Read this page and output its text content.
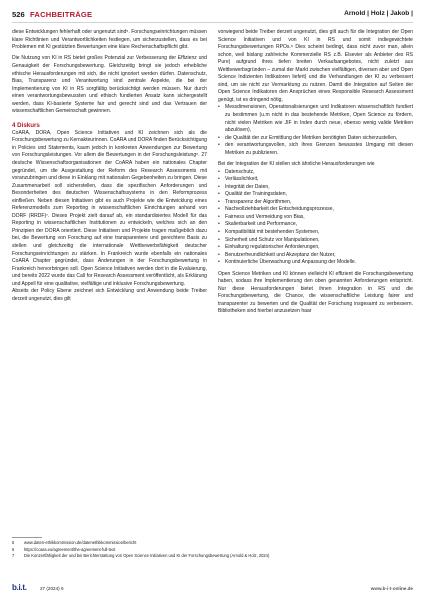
526 FACHBEITRÄGE	Arnold | Holz | Jakob |

diese Entwicklungen fehlerhaft oder ungenutzt sind⁵. Forschungseinrichtungen müssen klare Richtlinien und Verantwortlichkeiten festlegen, um sicherzustellen, dass es bei Problemen mit KI gestützten Bewertungen eine klare Rechenschaftspflicht gibt.

Die Nutzung von KI in RS bietet großes Potenzial zur Verbesserung der Effizienz und Genauigkeit der Forschungsbewertung. Gleichzeitig bringt sie jedoch erhebliche ethische Herausforderungen mit sich, die nicht ignoriert werden dürfen. Datenschutz, Bias, Transparenz und Verantwortung sind zentrale Aspekte, die bei der Implementierung von KI in RS sorgfältig berücksichtigt werden müssen. Nur durch einen verantwortungsbewussten und ethisch fundierten Ansatz kann sichergestellt werden, dass KI-basierte Systeme fair und gerecht sind und das Vertrauen der wissenschaftlichen Gemeinschaft gewinnen.

4 Diskurs

CoARA, DORA, Open Science Initiativen und KI zeichnen sich als die Forschungsbewertung zu Kernakteurinnen. CoARA und DORA finden Berücksichtigung in Policies und Statements, kaum jedoch in konkreten Anwendungen zur Bewertung von Forschungsleistungen. Vor allem die Bewertungen in der Forschungsleistung⁶. 27 deutsche Wissenschaftsorganisationen der CoARA haben ein nationales Chapter gegründet, um die Ausgestaltung der Reform des Research Assessments mit voranzubringen und diese in Einklang mit nationalen Gegebenheiten zu bringen. Diese Zusammenarbeit soll sicherstellen, dass die spezifischen Anforderungen und Besonderheiten des deutschen Wissenschaftssystems in den Reformprozess einfließen. Neben diesen Initiativen gibt es auch Projekte wie die Entwicklung eines Referenzmodells zum Reporting in wissenschaftlichen Einrichtungen anhand von DORF (RRDF)⁷. Dieses Projekt zielt darauf ab, ein standardisiertes Modell für das Reporting in wissenschaftlichen Institutionen zu entwickeln, welches sich an den Prinzipien der DORA orientiert. Diese Initiativen und Projekte tragen maßgeblich dazu bei, die Bewertung von Forschung auf eine transparentere und gerechtere Basis zu stellen und gleichzeitig die internationale Wettbewerbsfähigkeit deutscher Forschungseinrichtungen zu stärken. In Frankreich wurde ebenfalls ein nationales CoARA Chapter gegründet, dass Änderungen in der Forschungsbewertung in Frankreich hervorbringen soll. Open Science Initiativen werden dort in die Evaluierung, und bereits 2022 wurde das Call for Research Assessment veröffentlicht, als Erklärung und Appell für eine qualitative, vielfältige und inklusive Forschungsbewertung.

Abseits der Policy Ebene zeichnet sich Entwicklung und Anwendung beide Treiber derzeit ungenutzt, dies gilt

vorwiegend beide Treiber derzeit ungenutzt, dies gilt auch für die Integration der Open Science Initiativen und von KI in RS und somit indiegewichtete Forschungsbewertungen RPOs.⁸ Dies scheint bedingt, dass nicht zuvor man, allein schon, weil bislang zahlreiche Kommerzielle RS z.B. Elsevier als Anbieter des RS Pure) aufgrund ihres tiefen breiten Verkaufsangebotes, nicht zuletzt aus Wettbewerbsgründen – zumal der Markt zwischen vielfältigen, diversen aber und Open Science Indizienten Indikatoren liefert) und die Verhandlungen der KI zu verbessert sind, um sie nicht zur Vermarktung zu nutzen. Damit die Integration auf Seiten der Open Science Indikatoren den Ansprüchen eines Responsible Research Assessment genügt, ist es dringend nötig,

• Messdimensionen, Operationalisierungen und Indikatoren wissenschaftlich fundiert zu bestimmen (u.m nicht in das bestehende Metriken, Open Science zu fördern, nicht vielen Metriken wie JIF in Index durch neue, ebenso wenig valide Metriken abzulösen),
• die Qualität der zur Ermittlung der Metriken benötigten Daten sicherzustellen,
• den verantwortungsvollen, sich ihres Grenzen bewusstes Umgang mit diesen Metriken zu publizieren.

Bei der Integration der KI stellen sich ähnliche Herausforderungen wie

• Datenschutz,
• Verlässlichkeit,
• Integrität der Daten,
• Qualität der Trainingsdaten,
• Transparenz der Algorithmen,
• Nachvollziehbarkeit der Entscheidungsprozesse,
• Fairness und Vermeidung von Bias,
• Skalierbarkeit und Performance,
• Kompatibilität mit bestehenden Systemen,
• Sicherheit und Schutz vor Manipulationen,
• Einhaltung regulatorischer Anforderungen,
• Benutzerfreundlichkeit und Akzeptanz der Nutzer,
• Kontinuierliche Überwachung und Anpassung der Modelle.

Open Science Metriken und KI können vielleicht KI effizient die Forschungsbewertung haben, sodass ihre Implementierung den oben genannten Anforderungen entspricht. Nur diese Herausforderungen bietet ihnen Integration in RS und die Forschungsbewertung, die Chance, die wissenschaftliche Leistung fairer und transparenter zu bewerten und die Qualität der Forschung insgesamt zu verbessern. Bibliotheken sind hierbei anzusetzen haar

5 www.daten-ethikkommission.de/datenethikkommission/bericht
6 https://coara.eu/agreement/the-agreement-full-text
7 Die Konzertfähigkeit der und bei Berichterstattung von Open Science Initiativen und KI der Forschungsbewertung (Arnold & Holz, 2024)
b.i.t.	27 (2024) 6	www.b-i-t-online.de
